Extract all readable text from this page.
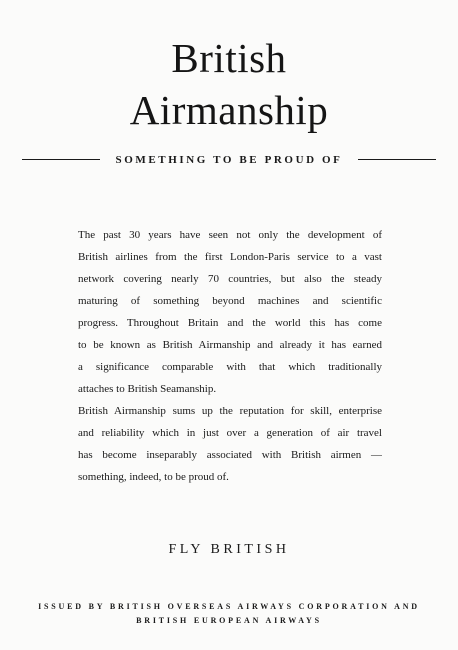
British
Airmanship
SOMETHING TO BE PROUD OF
The past 30 years have seen not only the development of
British airlines from the first London-Paris service to a vast
network covering nearly 70 countries, but also the steady
maturing of something beyond machines and scientific
progress. Throughout Britain and the world this has come
to be known as British Airmanship and already it has earned
a significance comparable with that which traditionally
attaches to British Seamanship.
British Airmanship sums up the reputation for skill, enterprise
and reliability which in just over a generation of air travel
has become inseparably associated with British airmen —
something, indeed, to be proud of.
FLY BRITISH
ISSUED BY BRITISH OVERSEAS AIRWAYS CORPORATION AND
BRITISH EUROPEAN AIRWAYS
